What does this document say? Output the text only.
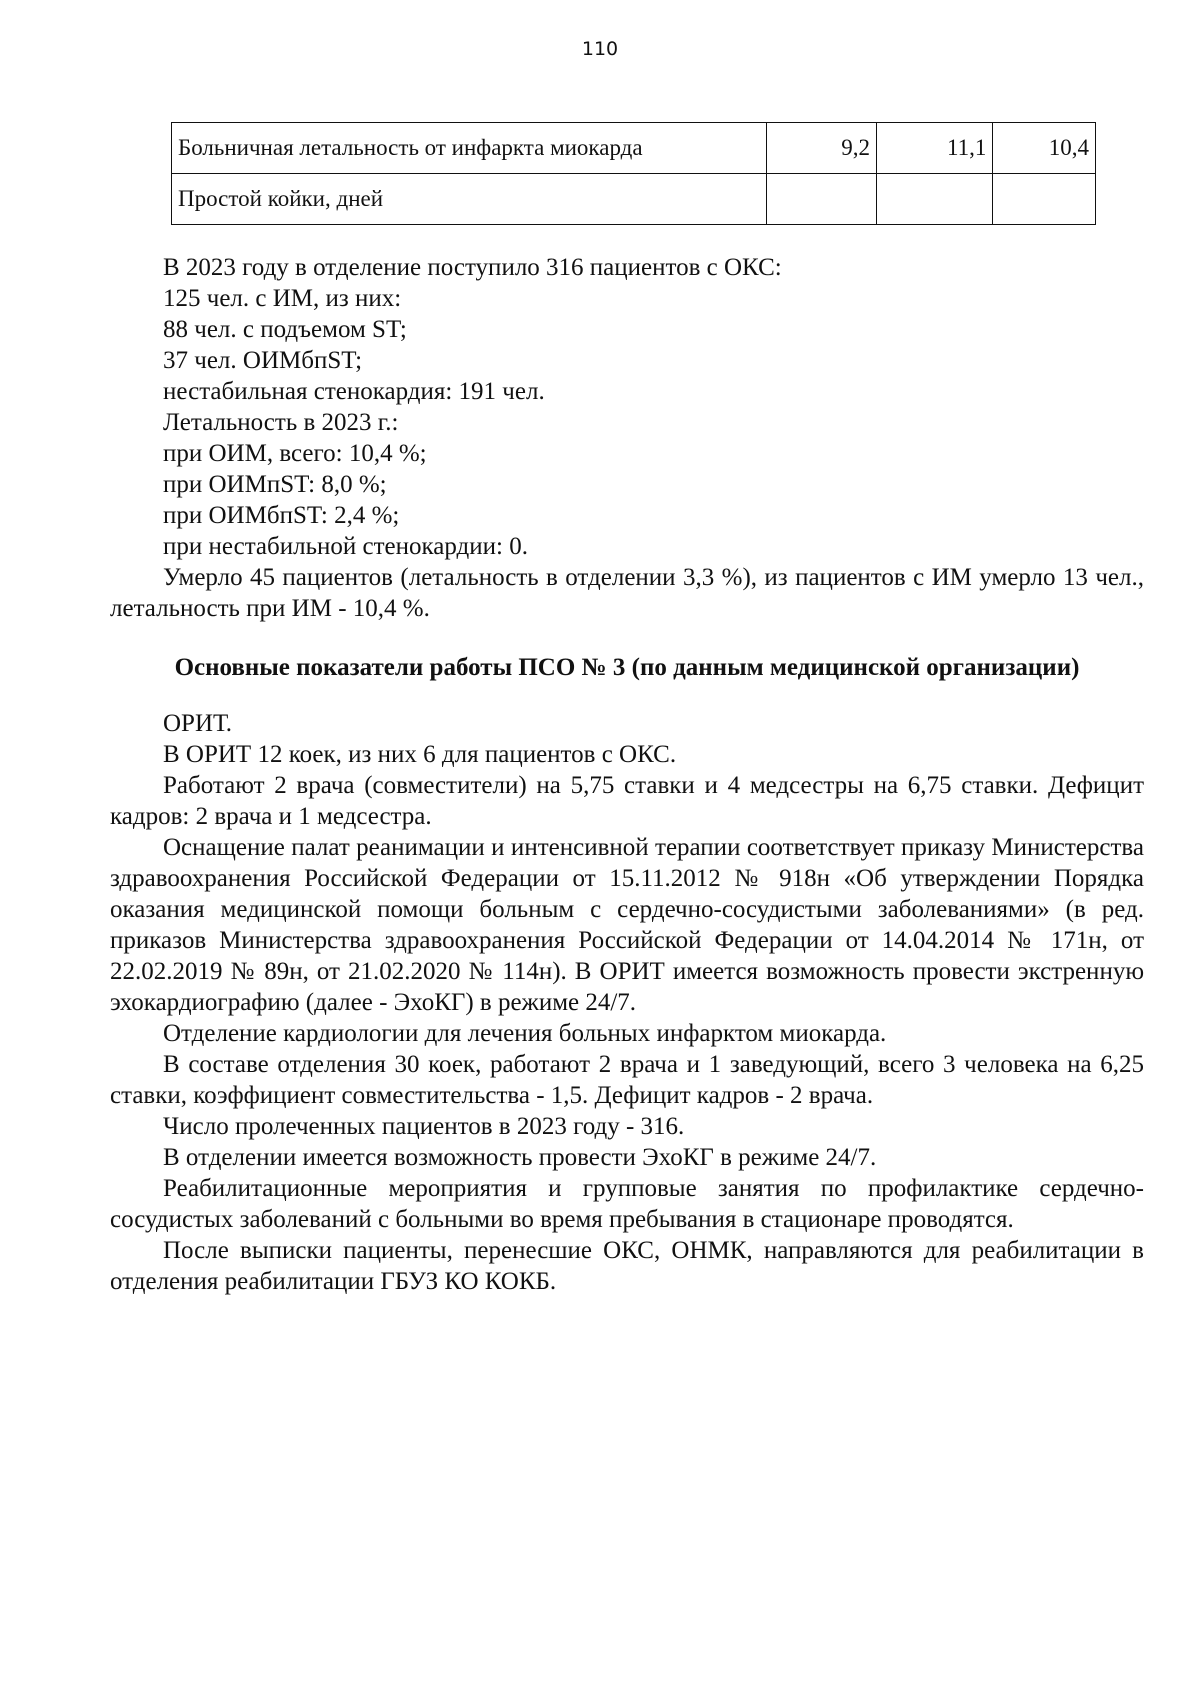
110
Больничная летальность от инфаркта миокарда	9,2	11,1	10,4
Простой койки, дней			

В 2023 году в отделение поступило 316 пациентов с ОКС:

125 чел. с ИМ, из них:

88 чел. с подъемом ST;

37 чел. ОИМбпST;

нестабильная стенокардия: 191 чел.

Летальность в 2023 г.:

при ОИМ, всего: 10,4 %;

при ОИМпST: 8,0 %;

при ОИМбпST: 2,4 %;

при нестабильной стенокардии: 0.

Умерло 45 пациентов (летальность в отделении 3,3 %), из пациентов с ИМ умерло 13 чел., летальность при ИМ - 10,4 %.

Основные показатели работы ПСО № 3 (по данным медицинской организации)

ОРИТ.

В ОРИТ 12 коек, из них 6 для пациентов с ОКС.

Работают 2 врача (совместители) на 5,75 ставки и 4 медсестры на 6,75 ставки. Дефицит кадров: 2 врача и 1 медсестра.

Оснащение палат реанимации и интенсивной терапии соответствует приказу Министерства здравоохранения Российской Федерации от 15.11.2012 № 918н «Об утверждении Порядка оказания медицинской помощи больным с сердечно-сосудистыми заболеваниями» (в ред. приказов Министерства здравоохранения Российской Федерации от 14.04.2014 № 171н, от 22.02.2019 № 89н, от 21.02.2020 № 114н). В ОРИТ имеется возможность провести экстренную эхокардиографию (далее - ЭхоКГ) в режиме 24/7.

Отделение кардиологии для лечения больных инфарктом миокарда.

В составе отделения 30 коек, работают 2 врача и 1 заведующий, всего 3 человека на 6,25 ставки, коэффициент совместительства - 1,5. Дефицит кадров - 2 врача.

Число пролеченных пациентов в 2023 году - 316.

В отделении имеется возможность провести ЭхоКГ в режиме 24/7.

Реабилитационные мероприятия и групповые занятия по профилактике сердечно-сосудистых заболеваний с больными во время пребывания в стационаре проводятся.

После выписки пациенты, перенесшие ОКС, ОНМК, направляются для реабилитации в отделения реабилитации ГБУЗ КО КОКБ.
